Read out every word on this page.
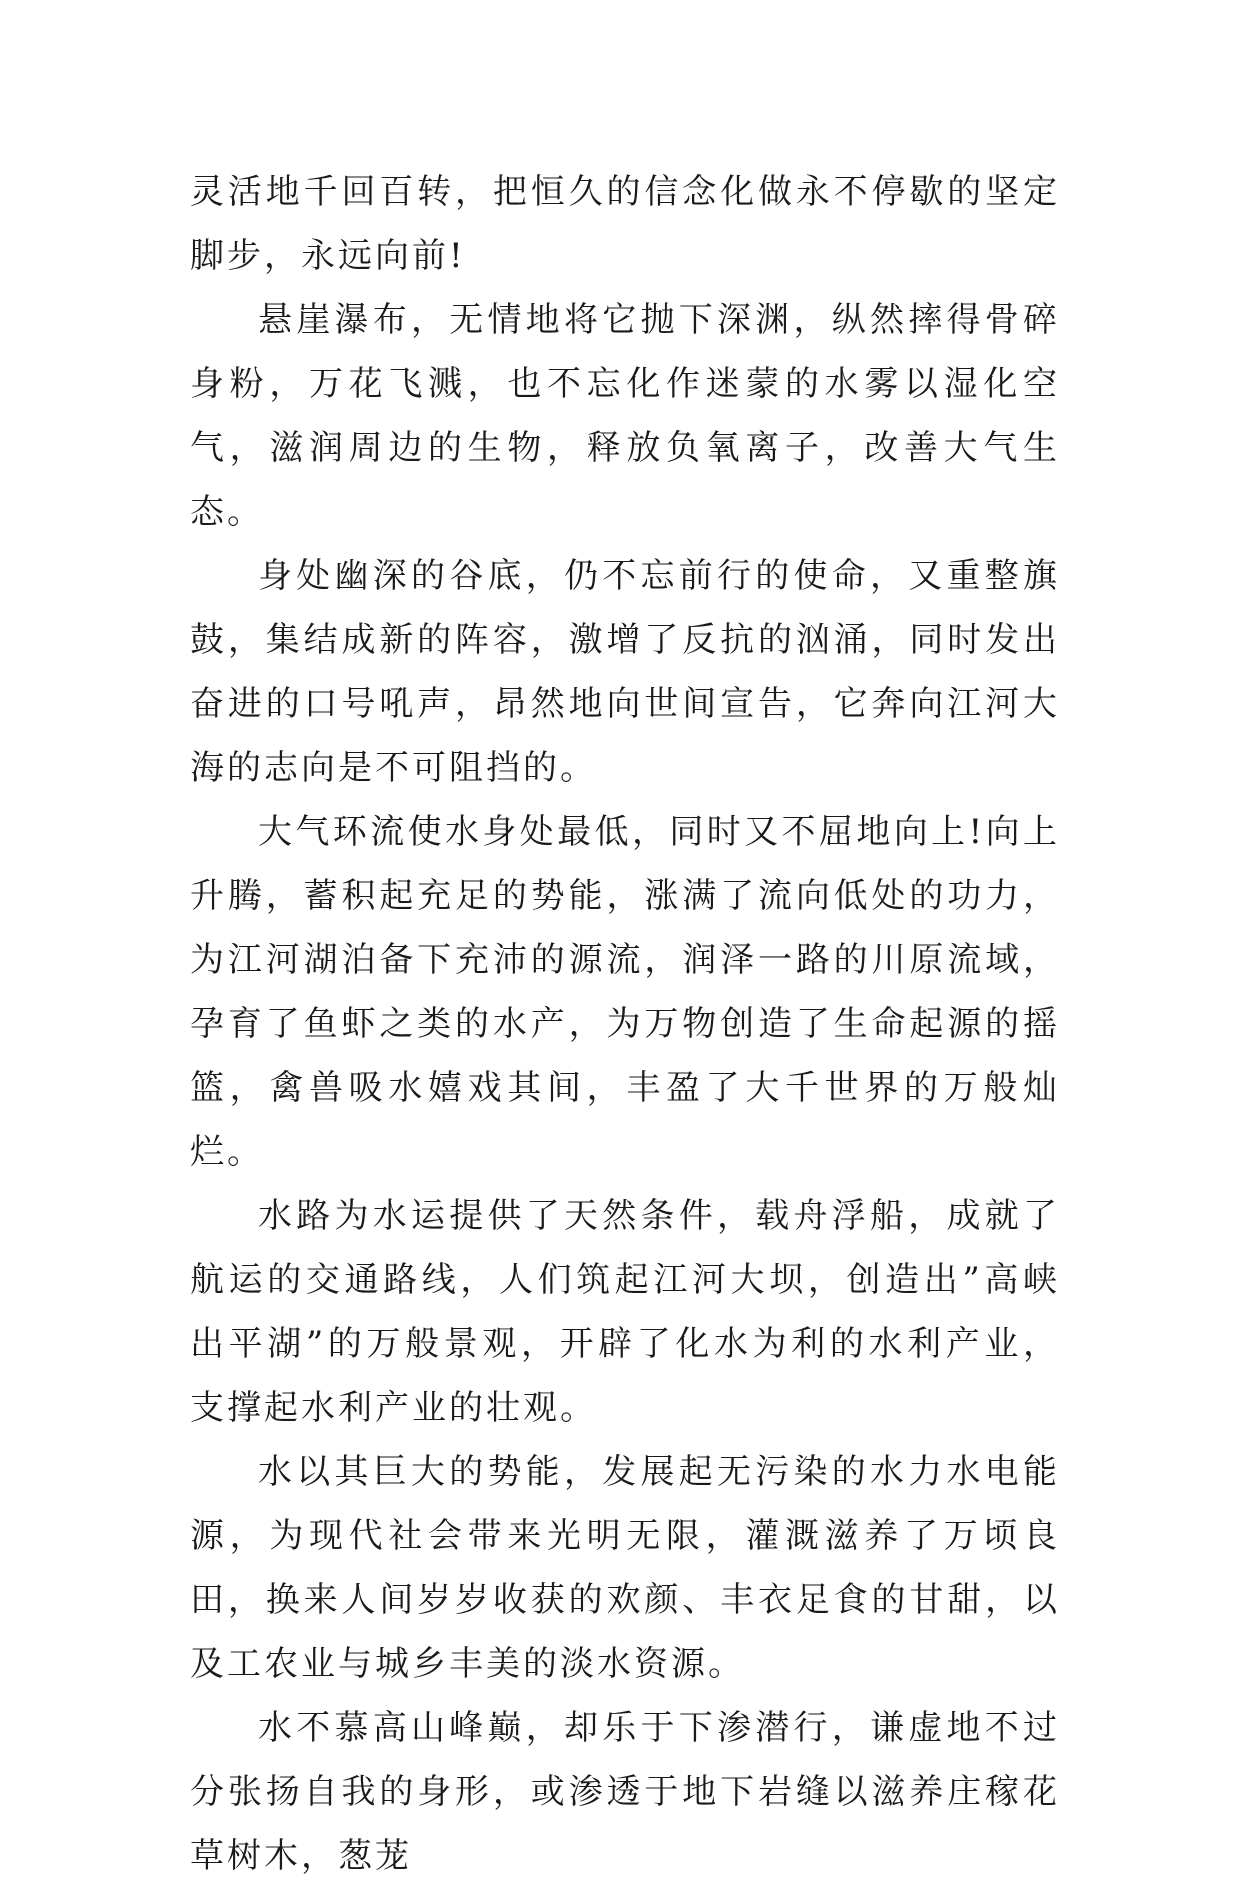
灵活地千回百转，把恒久的信念化做永不停歇的坚定脚步，永远向前!

悬崖瀑布，无情地将它抛下深渊，纵然摔得骨碎身粉，万花飞溅，也不忘化作迷蒙的水雾以湿化空气，滋润周边的生物，释放负氧离子，改善大气生态。

身处幽深的谷底，仍不忘前行的使命，又重整旗鼓，集结成新的阵容，激增了反抗的汹涌，同时发出奋进的口号吼声，昂然地向世间宣告，它奔向江河大海的志向是不可阻挡的。

大气环流使水身处最低，同时又不屈地向上!向上升腾，蓄积起充足的势能，涨满了流向低处的功力，为江河湖泊备下充沛的源流，润泽一路的川原流域，孕育了鱼虾之类的水产，为万物创造了生命起源的摇篮，禽兽吸水嬉戏其间，丰盈了大千世界的万般灿烂。

水路为水运提供了天然条件，载舟浮船，成就了航运的交通路线，人们筑起江河大坝，创造出”高峡出平湖”的万般景观，开辟了化水为利的水利产业，支撑起水利产业的壮观。

水以其巨大的势能，发展起无污染的水力水电能源，为现代社会带来光明无限，灌溉滋养了万顷良田，换来人间岁岁收获的欢颜、丰衣足食的甘甜，以及工农业与城乡丰美的淡水资源。

水不慕高山峰巅，却乐于下渗潜行，谦虚地不过分张扬自我的身形，或渗透于地下岩缝以滋养庄稼花草树木，葱茏
